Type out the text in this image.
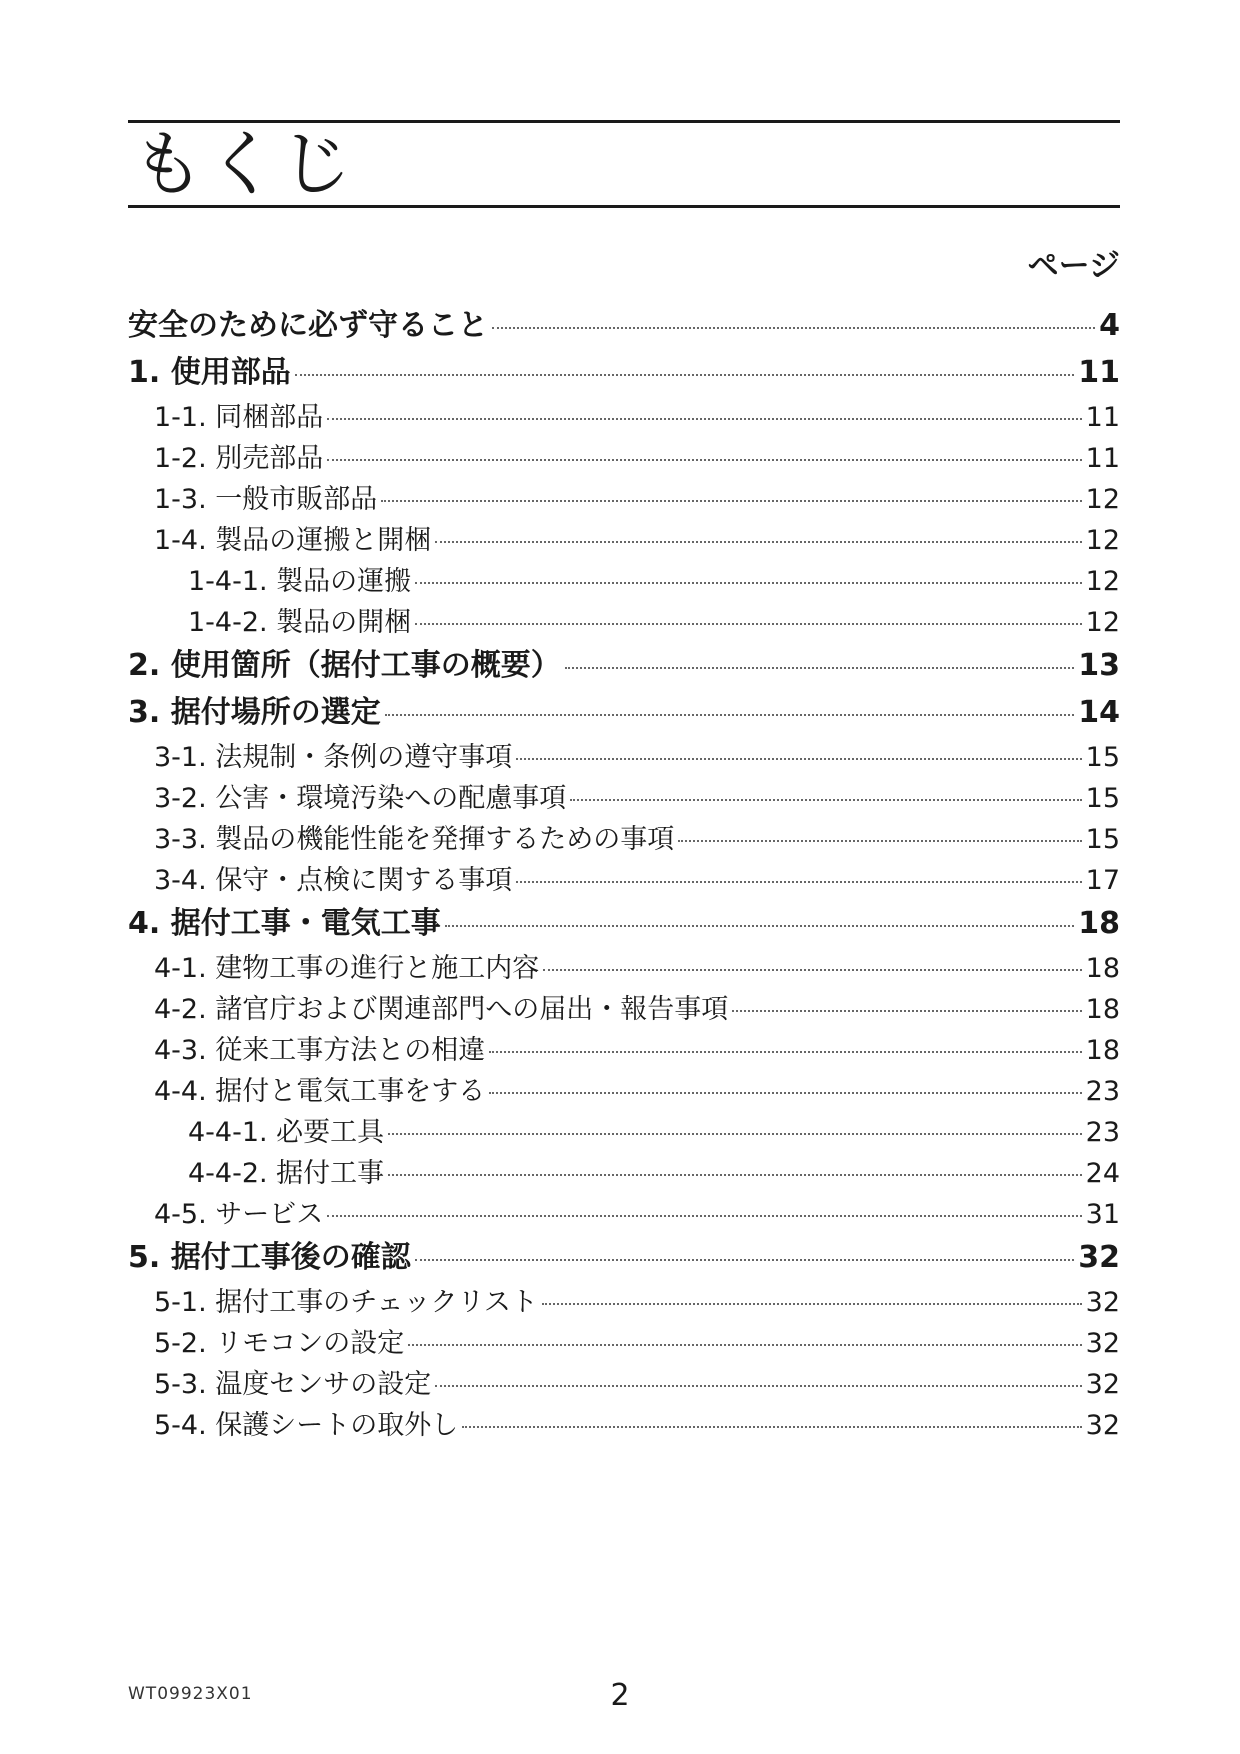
もくじ
ページ
安全のために必ず守ること	4
1. 使用部品	11
1-1. 同梱部品	11
1-2. 別売部品	11
1-3. 一般市販部品	12
1-4. 製品の運搬と開梱	12
1-4-1. 製品の運搬	12
1-4-2. 製品の開梱	12
2. 使用箇所（据付工事の概要）	13
3. 据付場所の選定	14
3-1. 法規制・条例の遵守事項	15
3-2. 公害・環境汚染への配慮事項	15
3-3. 製品の機能性能を発揮するための事項	15
3-4. 保守・点検に関する事項	17
4. 据付工事・電気工事	18
4-1. 建物工事の進行と施工内容	18
4-2. 諸官庁および関連部門への届出・報告事項	18
4-3. 従来工事方法との相違	18
4-4. 据付と電気工事をする	23
4-4-1. 必要工具	23
4-4-2. 据付工事	24
4-5. サービス	31
5. 据付工事後の確認	32
5-1. 据付工事のチェックリスト	32
5-2. リモコンの設定	32
5-3. 温度センサの設定	32
5-4. 保護シートの取外し	32
WT09923X01	2
